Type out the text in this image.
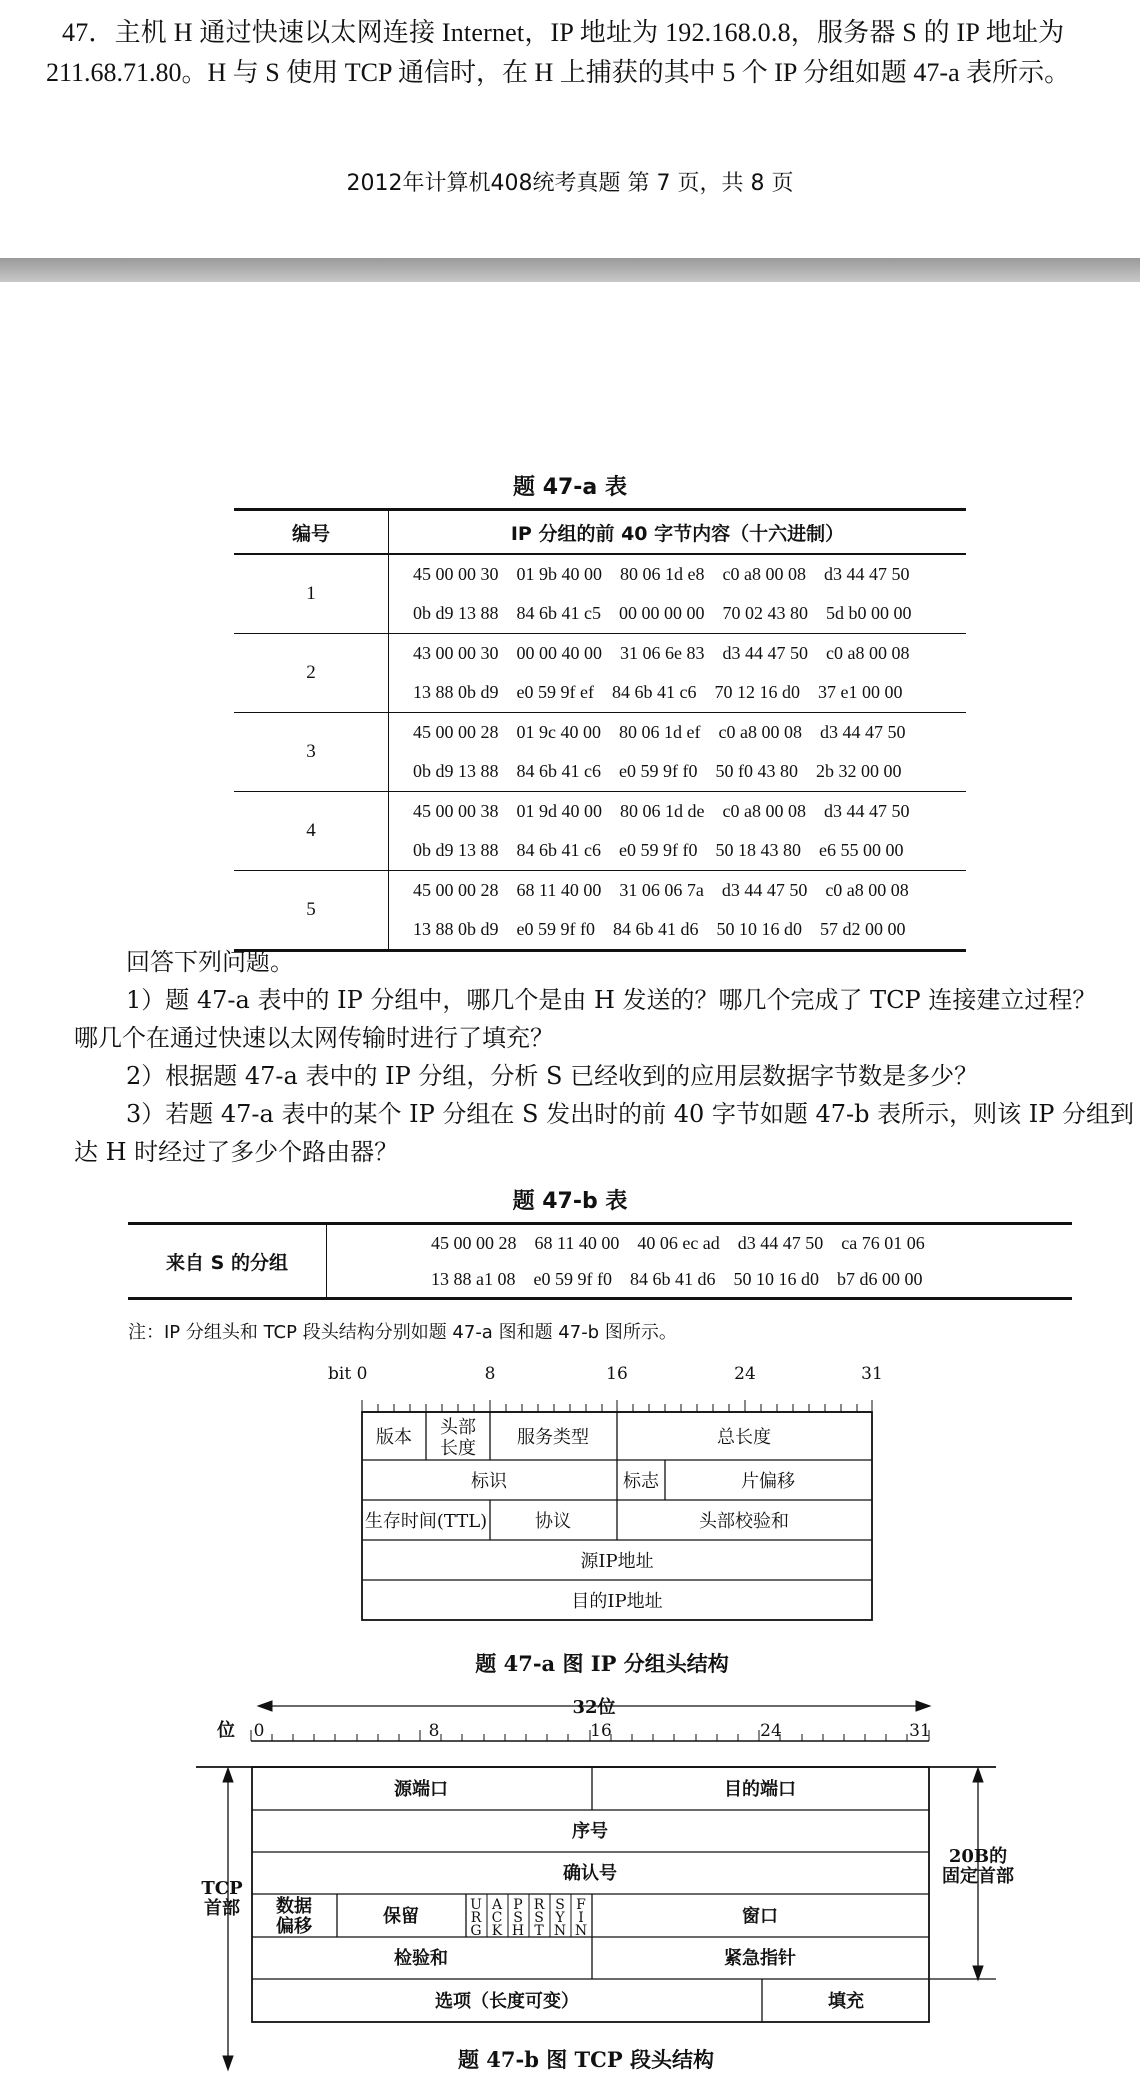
47．主机 H 通过快速以太网连接 Internet，IP 地址为 192.168.0.8，服务器 S 的 IP 地址为
211.68.71.80。H 与 S 使用 TCP 通信时，在 H 上捕获的其中 5 个 IP 分组如题 47-a 表所示。
2012年计算机408统考真题 第 7 页，共 8 页
题 47-a 表
编号	IP 分组的前 40 字节内容（十六进制）
1	45 00 00 30    01 9b 40 00    80 06 1d e8    c0 a8 00 08    d3 44 47 50
	0b d9 13 88    84 6b 41 c5    00 00 00 00    70 02 43 80    5d b0 00 00
2	43 00 00 30    00 00 40 00    31 06 6e 83    d3 44 47 50    c0 a8 00 08
	13 88 0b d9    e0 59 9f ef    84 6b 41 c6    70 12 16 d0    37 e1 00 00
3	45 00 00 28    01 9c 40 00    80 06 1d ef    c0 a8 00 08    d3 44 47 50
	0b d9 13 88    84 6b 41 c6    e0 59 9f f0    50 f0 43 80    2b 32 00 00
4	45 00 00 38    01 9d 40 00    80 06 1d de    c0 a8 00 08    d3 44 47 50
	0b d9 13 88    84 6b 41 c6    e0 59 9f f0    50 18 43 80    e6 55 00 00
5	45 00 00 28    68 11 40 00    31 06 06 7a    d3 44 47 50    c0 a8 00 08
	13 88 0b d9    e0 59 9f f0    84 6b 41 d6    50 10 16 d0    57 d2 00 00
回答下列问题。
1）题 47-a 表中的 IP 分组中，哪几个是由 H 发送的？哪几个完成了 TCP 连接建立过程？
哪几个在通过快速以太网传输时进行了填充？
2）根据题 47-a 表中的 IP 分组，分析 S 已经收到的应用层数据字节数是多少？
3）若题 47-a 表中的某个 IP 分组在 S 发出时的前 40 字节如题 47-b 表所示，则该 IP 分组到
达 H 时经过了多少个路由器？
题 47-b 表
来自 S 的分组	45 00 00 28    68 11 40 00    40 06 ec ad    d3 44 47 50    ca 76 01 06
13 88 a1 08    e0 59 9f f0    84 6b 41 d6    50 10 16 d0    b7 d6 00 00
注：IP 分组头和 TCP 段头结构分别如题 47-a 图和题 47-b 图所示。
bit 0	8	16	24	31
版本 头部
长度
服务类型	总长度
标识	标志	片偏移
生存时间(TTL)	协议	头部校验和
源IP地址
目的IP地址
题 47-a 图 IP 分组头结构
32位
位 0	8	16	24	31
源端口	目的端口
序号
确认号
数据
偏移	保留	窗口
检验和	紧急指针
选项（长度可变）	填充
TCP
首部
20B的
固定首部
U
R
G
A
C
K
P
S
H
R
S
T
S
Y
N
F
I
N
题 47-b 图 TCP 段头结构
